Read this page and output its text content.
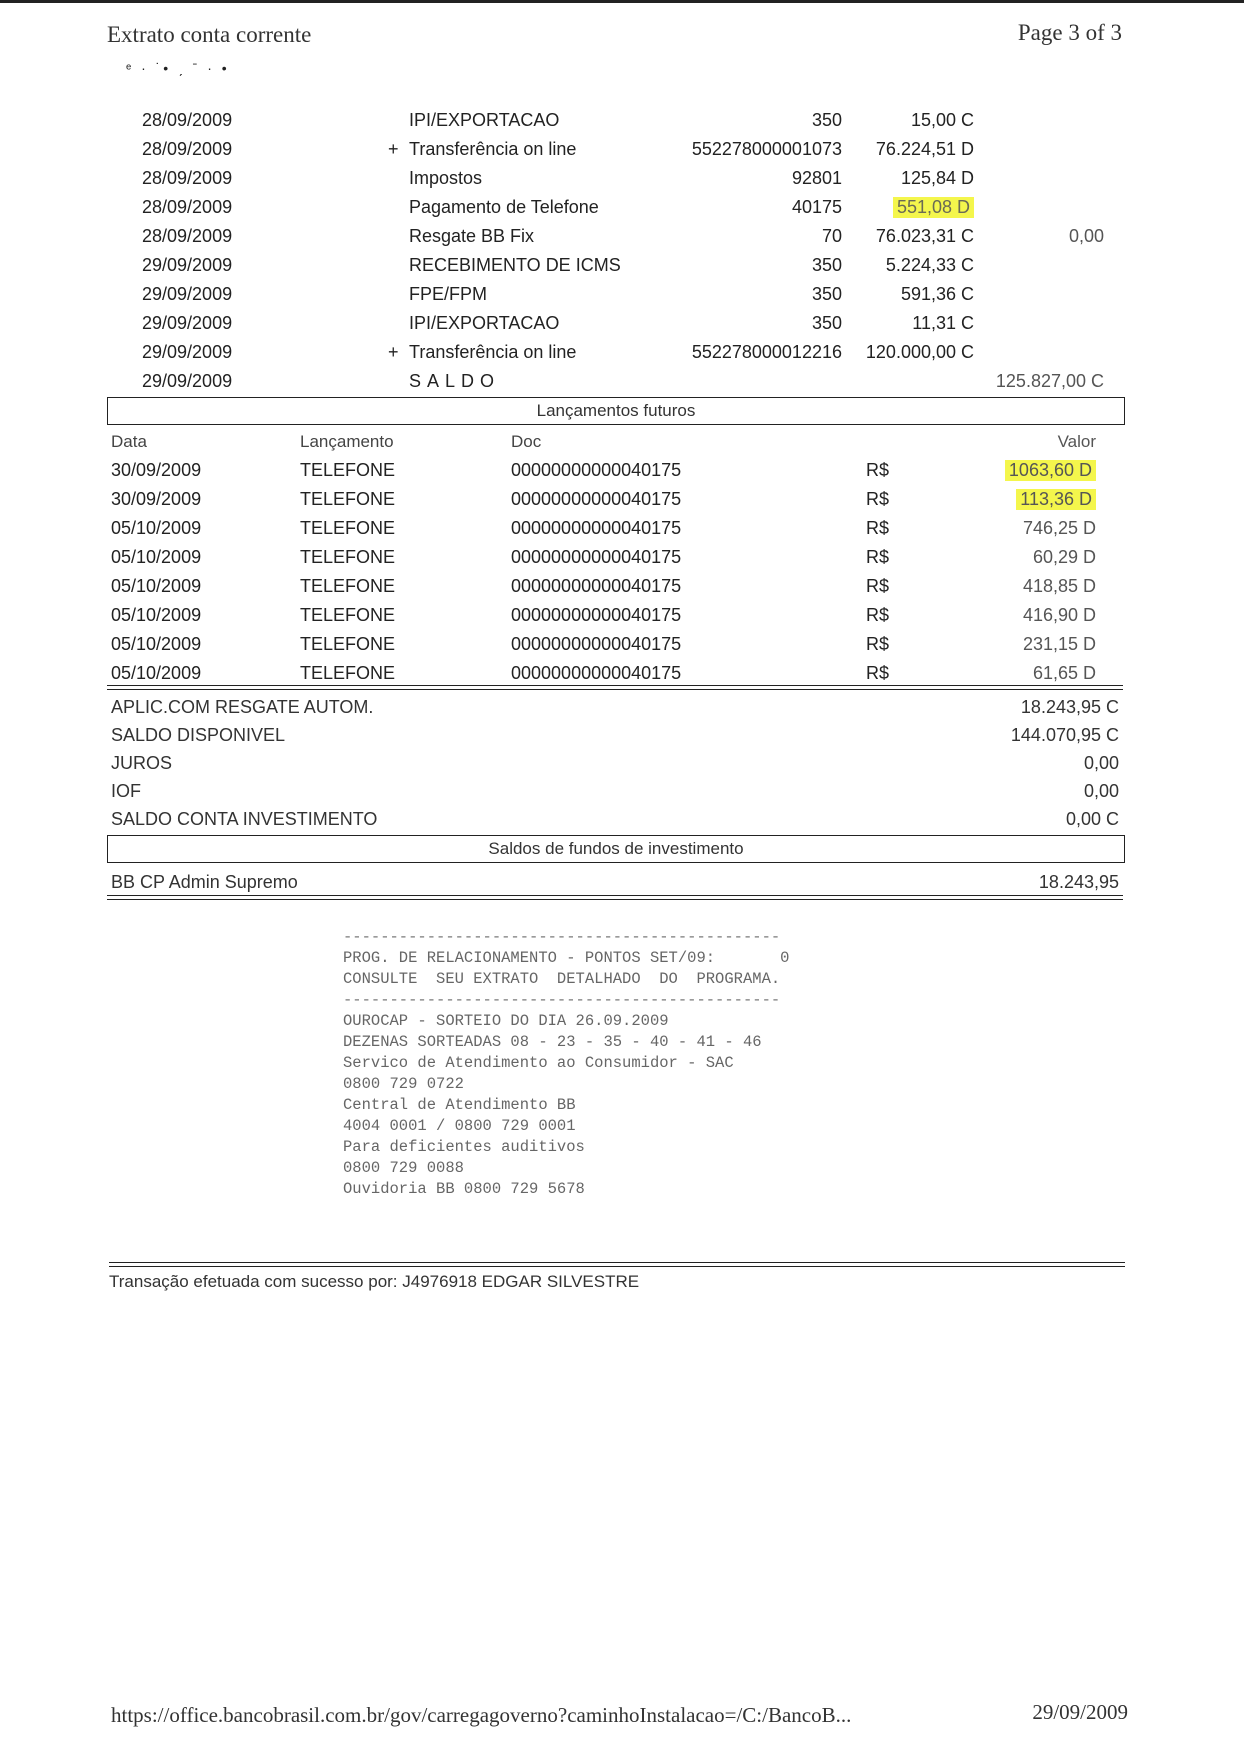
Extrato conta corrente	Page 3 of 3
ᵉ · ˙• ˏ ˉ · •
28/09/2009	IPI/EXPORTACAO	350	15,00 C
28/09/2009	+ Transferência on line	552278000001073 76.224,51 D
28/09/2009	Impostos	92801	125,84 D
28/09/2009	Pagamento de Telefone	40175	551,08 D
28/09/2009	Resgate BB Fix	70 76.023,31 C	0,00
29/09/2009	RECEBIMENTO DE ICMS	350 5.224,33 C
29/09/2009	FPE/FPM	350	591,36 C
29/09/2009	IPI/EXPORTACAO	350	11,31 C
29/09/2009	+ Transferência on line	552278000012216 120.000,00 C
29/09/2009	SALDO	125.827,00 C
Lançamentos futuros
Data	Lançamento	Doc	Valor
30/09/2009	TELEFONE	00000000000040175	R$	1063,60 D
30/09/2009	TELEFONE	00000000000040175	R$	113,36 D
05/10/2009	TELEFONE	00000000000040175	R$	746,25 D
05/10/2009	TELEFONE	00000000000040175	R$	60,29 D
05/10/2009	TELEFONE	00000000000040175	R$	418,85 D
05/10/2009	TELEFONE	00000000000040175	R$	416,90 D
05/10/2009	TELEFONE	00000000000040175	R$	231,15 D
05/10/2009	TELEFONE	00000000000040175	R$	61,65 D
APLIC.COM RESGATE AUTOM.	18.243,95 C
SALDO DISPONIVEL	144.070,95 C
JUROS	0,00
IOF	0,00
SALDO CONTA INVESTIMENTO	0,00 C
Saldos de fundos de investimento
BB CP Admin Supremo	18.243,95
-----------------------------------------------
PROG. DE RELACIONAMENTO - PONTOS SET/09:       0
CONSULTE  SEU EXTRATO  DETALHADO  DO  PROGRAMA.
-----------------------------------------------
OUROCAP - SORTEIO DO DIA 26.09.2009
DEZENAS SORTEADAS 08 - 23 - 35 - 40 - 41 - 46
Servico de Atendimento ao Consumidor - SAC
0800 729 0722
Central de Atendimento BB
4004 0001 / 0800 729 0001
Para deficientes auditivos
0800 729 0088
Ouvidoria BB 0800 729 5678
Transação efetuada com sucesso por: J4976918 EDGAR SILVESTRE
https://office.bancobrasil.com.br/gov/carregagoverno?caminhoInstalacao=/C:/BancoB...	29/09/2009
